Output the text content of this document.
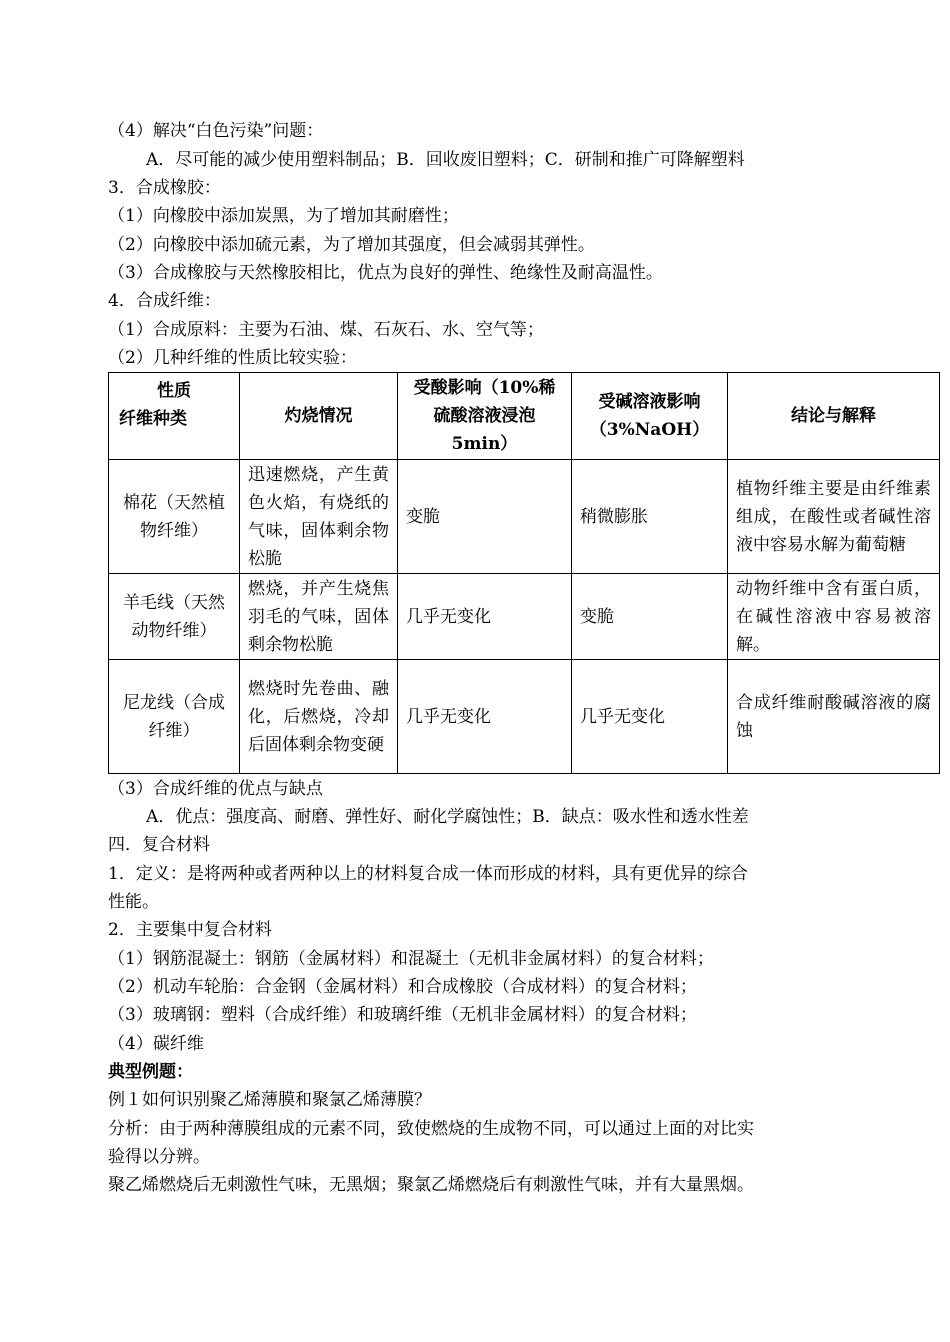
（4）解决“白色污染”问题：
A．尽可能的减少使用塑料制品；B．回收废旧塑料；C．研制和推广可降解塑料
3．合成橡胶：
（1）向橡胶中添加炭黑，为了增加其耐磨性；
（2）向橡胶中添加硫元素，为了增加其强度，但会减弱其弹性。
（3）合成橡胶与天然橡胶相比，优点为良好的弹性、绝缘性及耐高温性。
4．合成纤维：
（1）合成原料：主要为石油、煤、石灰石、水、空气等；
（2）几种纤维的性质比较实验：
性质
纤维种类	灼烧情况	受酸影响（10%稀硫酸溶液浸泡5min）	受碱溶液影响（3%NaOH）	结论与解释
棉花（天然植物纤维）	迅速燃烧，产生黄色火焰，有烧纸的气味，固体剩余物松脆	变脆	稍微膨胀	植物纤维主要是由纤维素组成，在酸性或者碱性溶液中容易水解为葡萄糖
羊毛线（天然动物纤维）	燃烧，并产生烧焦羽毛的气味，固体剩余物松脆	几乎无变化	变脆	动物纤维中含有蛋白质，在碱性溶液中容易被溶解。
尼龙线（合成纤维）	燃烧时先卷曲、融化，后燃烧，冷却后固体剩余物变硬	几乎无变化	几乎无变化	合成纤维耐酸碱溶液的腐蚀
（3）合成纤维的优点与缺点
A．优点：强度高、耐磨、弹性好、耐化学腐蚀性；B．缺点：吸水性和透水性差
四．复合材料
1．定义：是将两种或者两种以上的材料复合成一体而形成的材料，具有更优异的综合
性能。
2．主要集中复合材料
（1）钢筋混凝土：钢筋（金属材料）和混凝土（无机非金属材料）的复合材料；
（2）机动车轮胎：合金钢（金属材料）和合成橡胶（合成材料）的复合材料；
（3）玻璃钢：塑料（合成纤维）和玻璃纤维（无机非金属材料）的复合材料；
（4）碳纤维
典型例题：
例１如何识别聚乙烯薄膜和聚氯乙烯薄膜？
分析：由于两种薄膜组成的元素不同，致使燃烧的生成物不同，可以通过上面的对比实
验得以分辨。
聚乙烯燃烧后无刺激性气味，无黑烟；聚氯乙烯燃烧后有刺激性气味，并有大量黑烟。
